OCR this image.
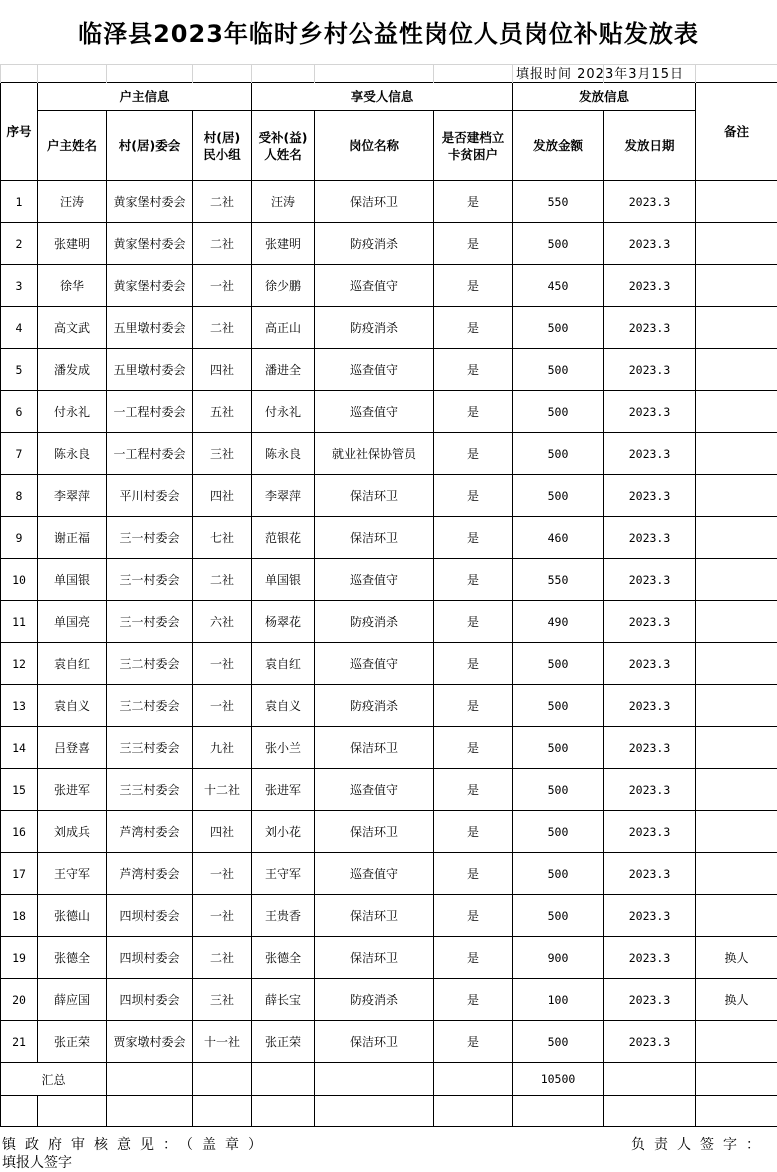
临泽县2023年临时乡村公益性岗位人员岗位补贴发放表
填报时间 2023年3月15日

序号	户主信息			享受人信息			发放信息		备注
	户主姓名	村(居)委会	村(居)民小组	受补(益)人姓名	岗位名称	是否建档立卡贫困户	发放金额	发放日期	
1	汪涛	黄家堡村委会	二社	汪涛	保洁环卫	是	550	2023.3	
2	张建明	黄家堡村委会	二社	张建明	防疫消杀	是	500	2023.3	
3	徐华	黄家堡村委会	一社	徐少鹏	巡查值守	是	450	2023.3	
4	高文武	五里墩村委会	二社	高正山	防疫消杀	是	500	2023.3	
5	潘发成	五里墩村委会	四社	潘进全	巡查值守	是	500	2023.3	
6	付永礼	一工程村委会	五社	付永礼	巡查值守	是	500	2023.3	
7	陈永良	一工程村委会	三社	陈永良	就业社保协管员	是	500	2023.3	
8	李翠萍	平川村委会	四社	李翠萍	保洁环卫	是	500	2023.3	
9	谢正福	三一村委会	七社	范银花	保洁环卫	是	460	2023.3	
10	单国银	三一村委会	二社	单国银	巡查值守	是	550	2023.3	
11	单国亮	三一村委会	六社	杨翠花	防疫消杀	是	490	2023.3	
12	袁自红	三二村委会	一社	袁自红	巡查值守	是	500	2023.3	
13	袁自义	三二村委会	一社	袁自义	防疫消杀	是	500	2023.3	
14	吕登喜	三三村委会	九社	张小兰	保洁环卫	是	500	2023.3	
15	张进军	三三村委会	十二社	张进军	巡查值守	是	500	2023.3	
16	刘成兵	芦湾村委会	四社	刘小花	保洁环卫	是	500	2023.3	
17	王守军	芦湾村委会	一社	王守军	巡查值守	是	500	2023.3	
18	张德山	四坝村委会	一社	王贵香	保洁环卫	是	500	2023.3	
19	张德全	四坝村委会	二社	张德全	保洁环卫	是	900	2023.3	换人
20	薛应国	四坝村委会	三社	薛长宝	防疫消杀	是	100	2023.3	换人
21	张正荣	贾家墩村委会	十一社	张正荣	保洁环卫	是	500	2023.3	
汇总							10500		

镇政府审核意见：（盖章）	负责人签字：
填报人签字
